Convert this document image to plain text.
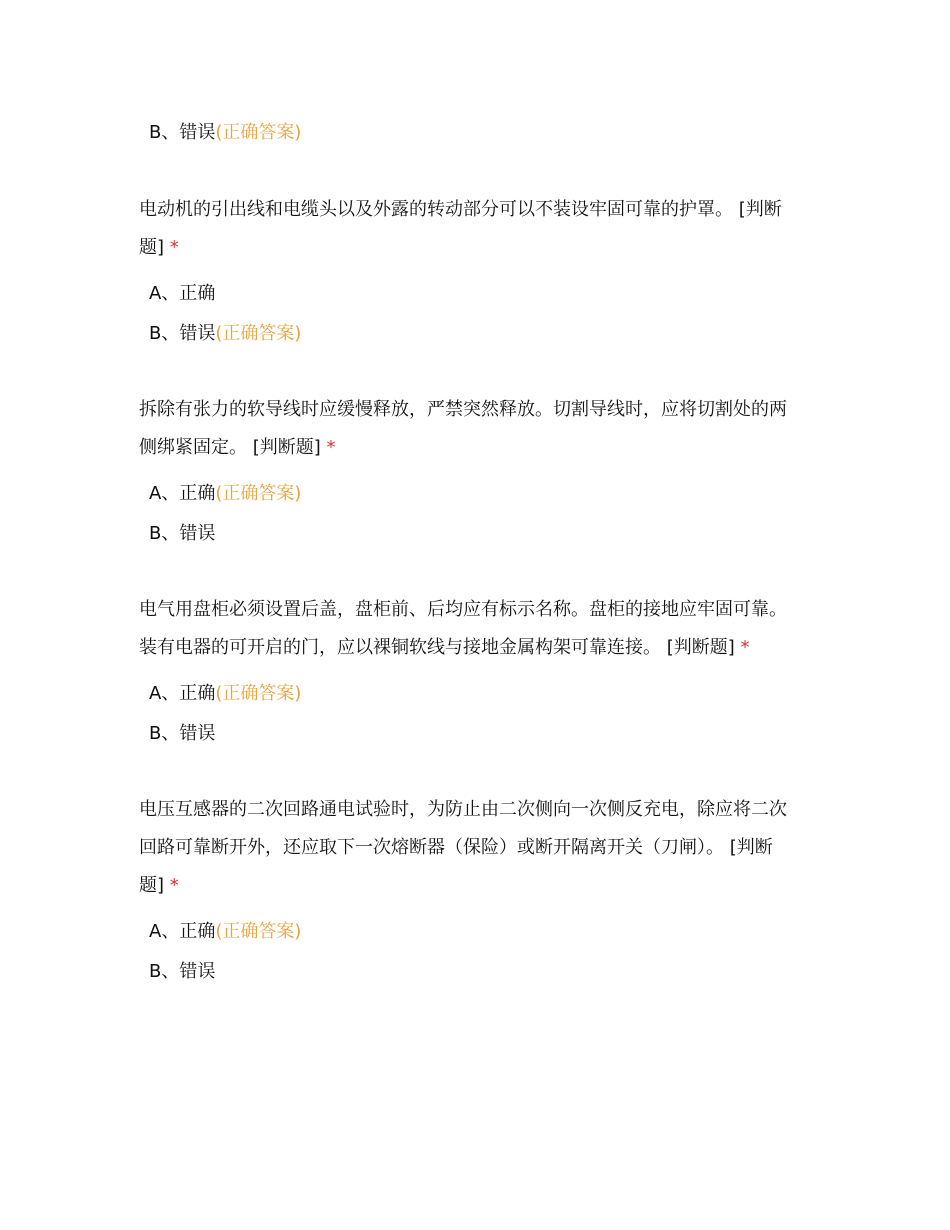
B、错误(正确答案)
电动机的引出线和电缆头以及外露的转动部分可以不装设牢固可靠的护罩。 [判断
题] *
A、正确
B、错误(正确答案)
拆除有张力的软导线时应缓慢释放，严禁突然释放。切割导线时，应将切割处的两
侧绑紧固定。 [判断题] *
A、正确(正确答案)
B、错误
电气用盘柜必须设置后盖，盘柜前、后均应有标示名称。盘柜的接地应牢固可靠。
装有电器的可开启的门，应以裸铜软线与接地金属构架可靠连接。 [判断题] *
A、正确(正确答案)
B、错误
电压互感器的二次回路通电试验时，为防止由二次侧向一次侧反充电，除应将二次
回路可靠断开外，还应取下一次熔断器（保险）或断开隔离开关（刀闸）。 [判断
题] *
A、正确(正确答案)
B、错误
